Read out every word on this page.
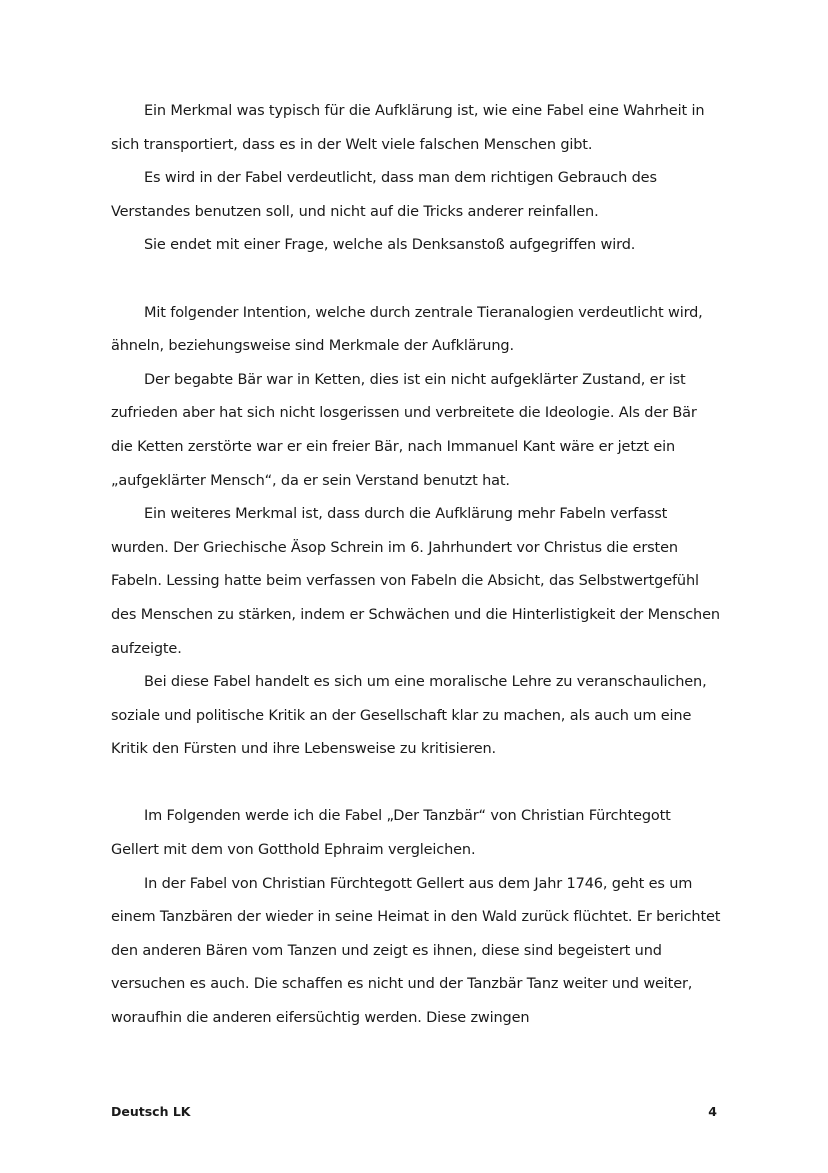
Ein Merkmal was typisch für die Aufklärung ist, wie eine Fabel eine Wahrheit in sich transportiert, dass es in der Welt viele falschen Menschen gibt.

Es wird in der Fabel verdeutlicht, dass man dem richtigen Gebrauch des Verstandes benutzen soll, und nicht auf die Tricks anderer reinfallen.

Sie endet mit einer Frage, welche als Denksanstoß aufgegriffen wird.

Mit folgender Intention, welche durch zentrale Tieranalogien verdeutlicht wird, ähneln, beziehungsweise sind Merkmale der Aufklärung.

Der begabte Bär war in Ketten, dies ist ein nicht aufgeklärter Zustand, er ist zufrieden aber hat sich nicht losgerissen und verbreitete die Ideologie. Als der Bär die Ketten zerstörte war er ein freier Bär, nach Immanuel Kant wäre er jetzt ein „aufgeklärter Mensch“, da er sein Verstand benutzt hat.

Ein weiteres Merkmal ist, dass durch die Aufklärung mehr Fabeln verfasst wurden. Der Griechische Äsop Schrein im 6. Jahrhundert vor Christus die ersten Fabeln. Lessing hatte beim verfassen von Fabeln die Absicht, das Selbstwertgefühl des Menschen zu stärken, indem er Schwächen und die Hinterlistigkeit der Menschen aufzeigte.

Bei diese Fabel handelt es sich um eine moralische Lehre zu veranschaulichen, soziale und politische Kritik an der Gesellschaft klar zu machen, als auch um eine Kritik den Fürsten und ihre Lebensweise zu kritisieren.

Im Folgenden werde ich die Fabel „Der Tanzbär“ von Christian Fürchtegott Gellert mit dem von Gotthold Ephraim vergleichen.

In der Fabel von Christian Fürchtegott Gellert aus dem Jahr 1746, geht es um einem Tanzbären der wieder in seine Heimat in den Wald zurück flüchtet. Er berichtet den anderen Bären vom Tanzen und zeigt es ihnen, diese sind begeistert und versuchen es auch. Die schaffen es nicht und der Tanzbär Tanz weiter und weiter, woraufhin die anderen eifersüchtig werden. Diese zwingen

Deutsch LK	4
